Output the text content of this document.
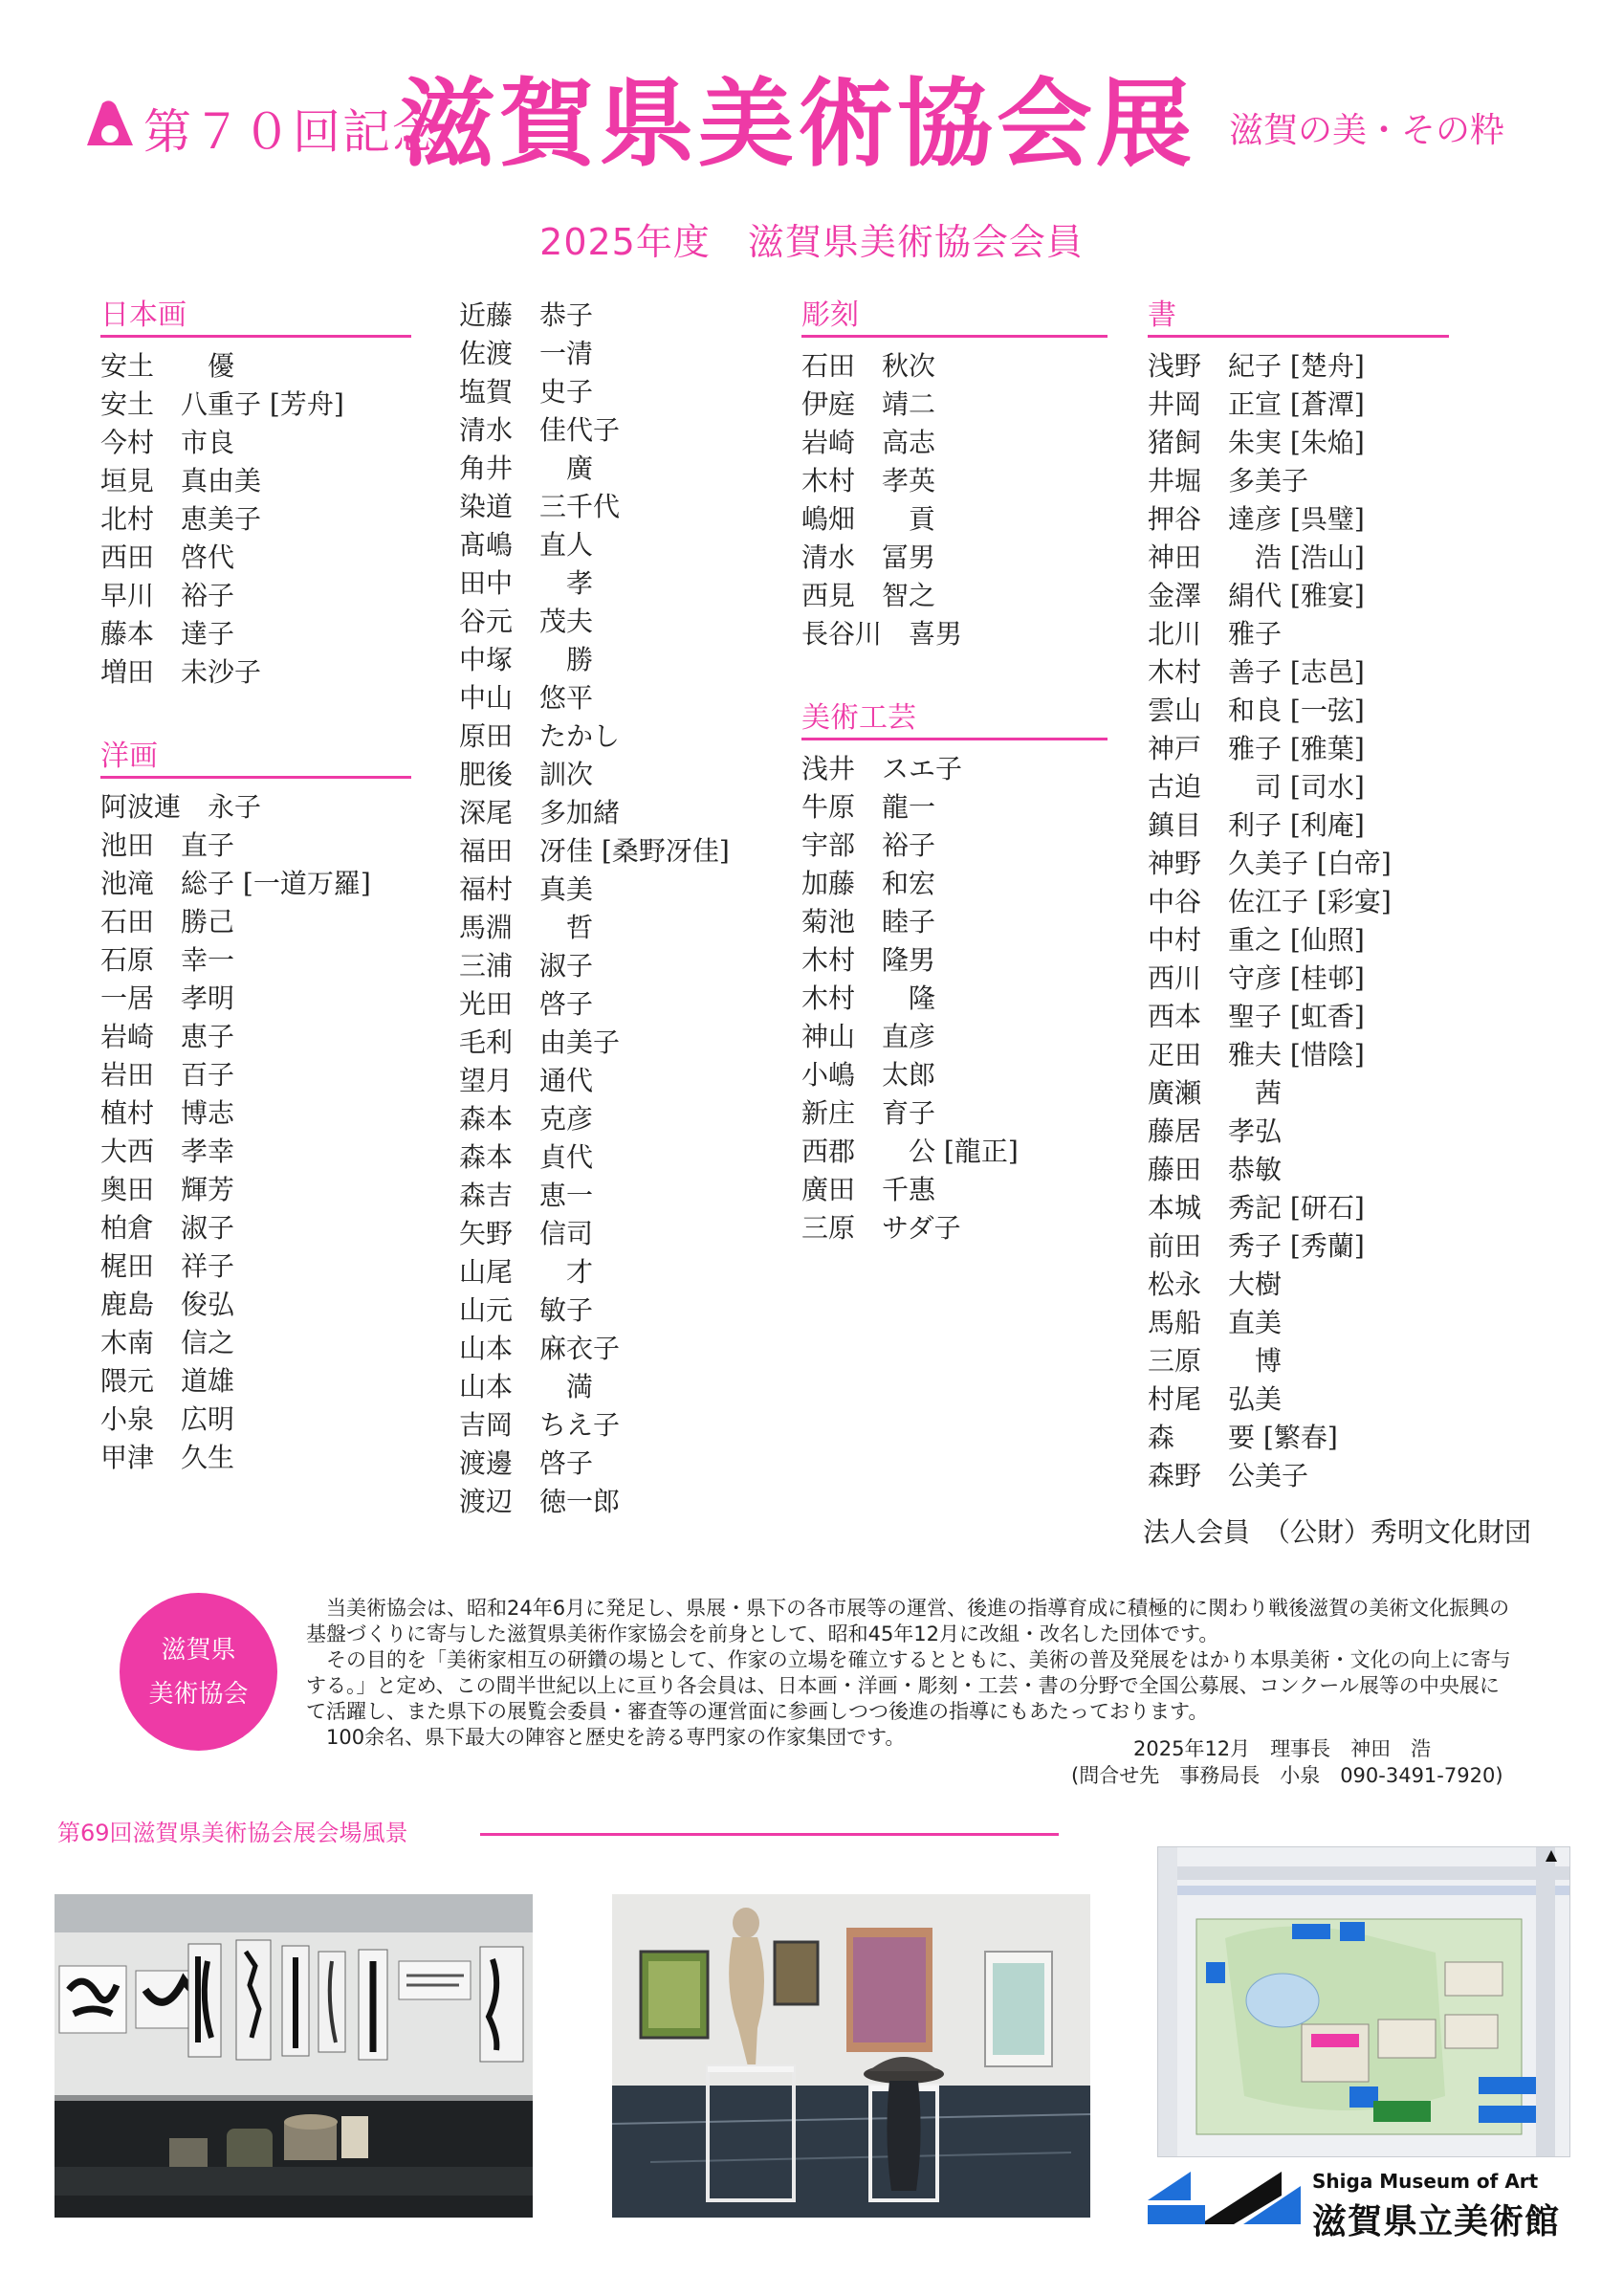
第７０回記念
滋賀県美術協会展 滋賀の美・その粋
2025年度　滋賀県美術協会会員
日本画
安土　　優
安土　八重子 [芳舟]
今村　市良
垣見　真由美
北村　恵美子
西田　啓代
早川　裕子
藤本　達子
増田　未沙子
洋画
阿波連　永子
池田　直子
池滝　総子 [一道万羅]
石田　勝己
石原　幸一
一居　孝明
岩崎　恵子
岩田　百子
植村　博志
大西　孝幸
奥田　輝芳
柏倉　淑子
梶田　祥子
鹿島　俊弘
木南　信之
隈元　道雄
小泉　広明
甲津　久生
近藤　恭子
佐渡　一清
塩賀　史子
清水　佳代子
角井　　廣
染道　三千代
髙嶋　直人
田中　　孝
谷元　茂夫
中塚　　勝
中山　悠平
原田　たかし
肥後　訓次
深尾　多加緒
福田　冴佳 [桑野冴佳]
福村　真美
馬淵　　哲
三浦　淑子
光田　啓子
毛利　由美子
望月　通代
森本　克彦
森本　貞代
森吉　恵一
矢野　信司
山尾　　才
山元　敏子
山本　麻衣子
山本　　満
吉岡　ちえ子
渡邊　啓子
渡辺　徳一郎
彫刻
石田　秋次
伊庭　靖二
岩崎　高志
木村　孝英
嶋畑　　貢
清水　冨男
西見　智之
長谷川　喜男
美術工芸
浅井　スエ子
牛原　龍一
宇部　裕子
加藤　和宏
菊池　睦子
木村　隆男
木村　　隆
神山　直彦
小嶋　太郎
新庄　育子
西郡　　公 [龍正]
廣田　千惠
三原　サダ子
書
浅野　紀子 [楚舟]
井岡　正宣 [蒼潭]
猪飼　朱実 [朱焔]
井堀　多美子
押谷　達彦 [呉璧]
神田　　浩 [浩山]
金澤　絹代 [雅宴]
北川　雅子
木村　善子 [志邑]
雲山　和良 [一弦]
神戸　雅子 [雅葉]
古迫　　司 [司水]
鎮目　利子 [利庵]
神野　久美子 [白帝]
中谷　佐江子 [彩宴]
中村　重之 [仙照]
西川　守彦 [桂邨]
西本　聖子 [虹香]
疋田　雅夫 [惜陰]
廣瀬　　茜
藤居　孝弘
藤田　恭敏
本城　秀記 [研石]
前田　秀子 [秀蘭]
松永　大樹
馬船　直美
三原　　博
村尾　弘美
森　　要 [繁春]
森野　公美子
法人会員　（公財）秀明文化財団
滋賀県
美術協会

当美術協会は、昭和24年6月に発足し、県展・県下の各市展等の運営、後進の指導育成に積極的に関わり戦後滋賀の美術文化振興の基盤づくりに寄与した滋賀県美術作家協会を前身として、昭和45年12月に改組・改名した団体です。

その目的を「美術家相互の研鑽の場として、作家の立場を確立するとともに、美術の普及発展をはかり本県美術・文化の向上に寄与する。」と定め、この間半世紀以上に亘り各会員は、日本画・洋画・彫刻・工芸・書の分野で全国公募展、コンクール展等の中央展にて活躍し、また県下の展覧会委員・審査等の運営面に参画しつつ後進の指導にもあたっております。

100余名、県下最大の陣容と歴史を誇る専門家の作家集団です。	2025年12月　理事長　神田　浩
(問合せ先　事務局長　小泉　090-3491-7920)
第69回滋賀県美術協会展会場風景
Shiga Museum of Art
滋賀県立美術館
